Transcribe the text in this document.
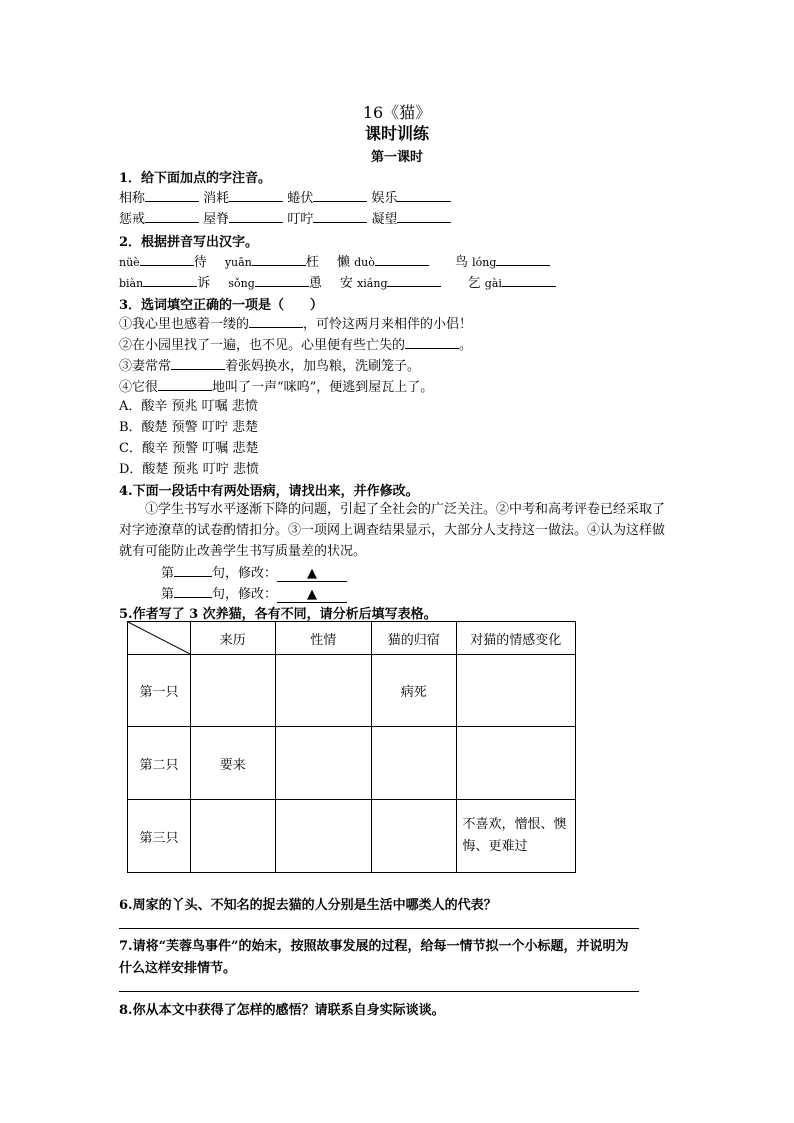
16《猫》
课时训练
第一课时
1．给下面加点的字注音。
相称	消耗	蜷伏	娱乐
惩戒	屋脊	叮咛	凝望
2．根据拼音写出汉字。
nüè	待 yuān	枉 懒 duò	鸟 lóng
biàn	诉 sǒng	恿 安 xiáng	乞 gài
3．选词填空正确的一项是（　　）
①我心里也感着一缕的	，可怜这两月来相伴的小侣！
②在小园里找了一遍，也不见。心里便有些亡失的	。
③妻常常	着张妈换水，加鸟粮，洗刷笼子。
④它很	地叫了一声“咪呜”，便逃到屋瓦上了。
A．酸辛 预兆 叮嘱 悲愤
B．酸楚 预警 叮咛 悲楚
C．酸辛 预警 叮嘱 悲楚
D．酸楚 预兆 叮咛 悲愤
4.下面一段话中有两处语病，请找出来，并作修改。
①学生书写水平逐渐下降的问题，引起了全社会的广泛关注。②中考和高考评卷已经采取了对字迹潦草的试卷酌情扣分。③一项网上调查结果显示，大部分人支持这一做法。④认为这样做就有可能防止改善学生书写质量差的状况。
第	句，修改： ▲
第	句，修改： ▲
5.作者写了 3 次养猫，各有不同，请分析后填写表格。
	来历	性情	猫的归宿	对猫的情感变化
第一只			病死	
第二只	要来			
第三只				不喜欢，憎恨、懊悔、更难过
6.周家的丫头、不知名的捉去猫的人分别是生活中哪类人的代表？
7.请将“芙蓉鸟事件”的始末，按照故事发展的过程，给每一情节拟一个小标题，并说明为
什么这样安排情节。
8.你从本文中获得了怎样的感悟？请联系自身实际谈谈。
